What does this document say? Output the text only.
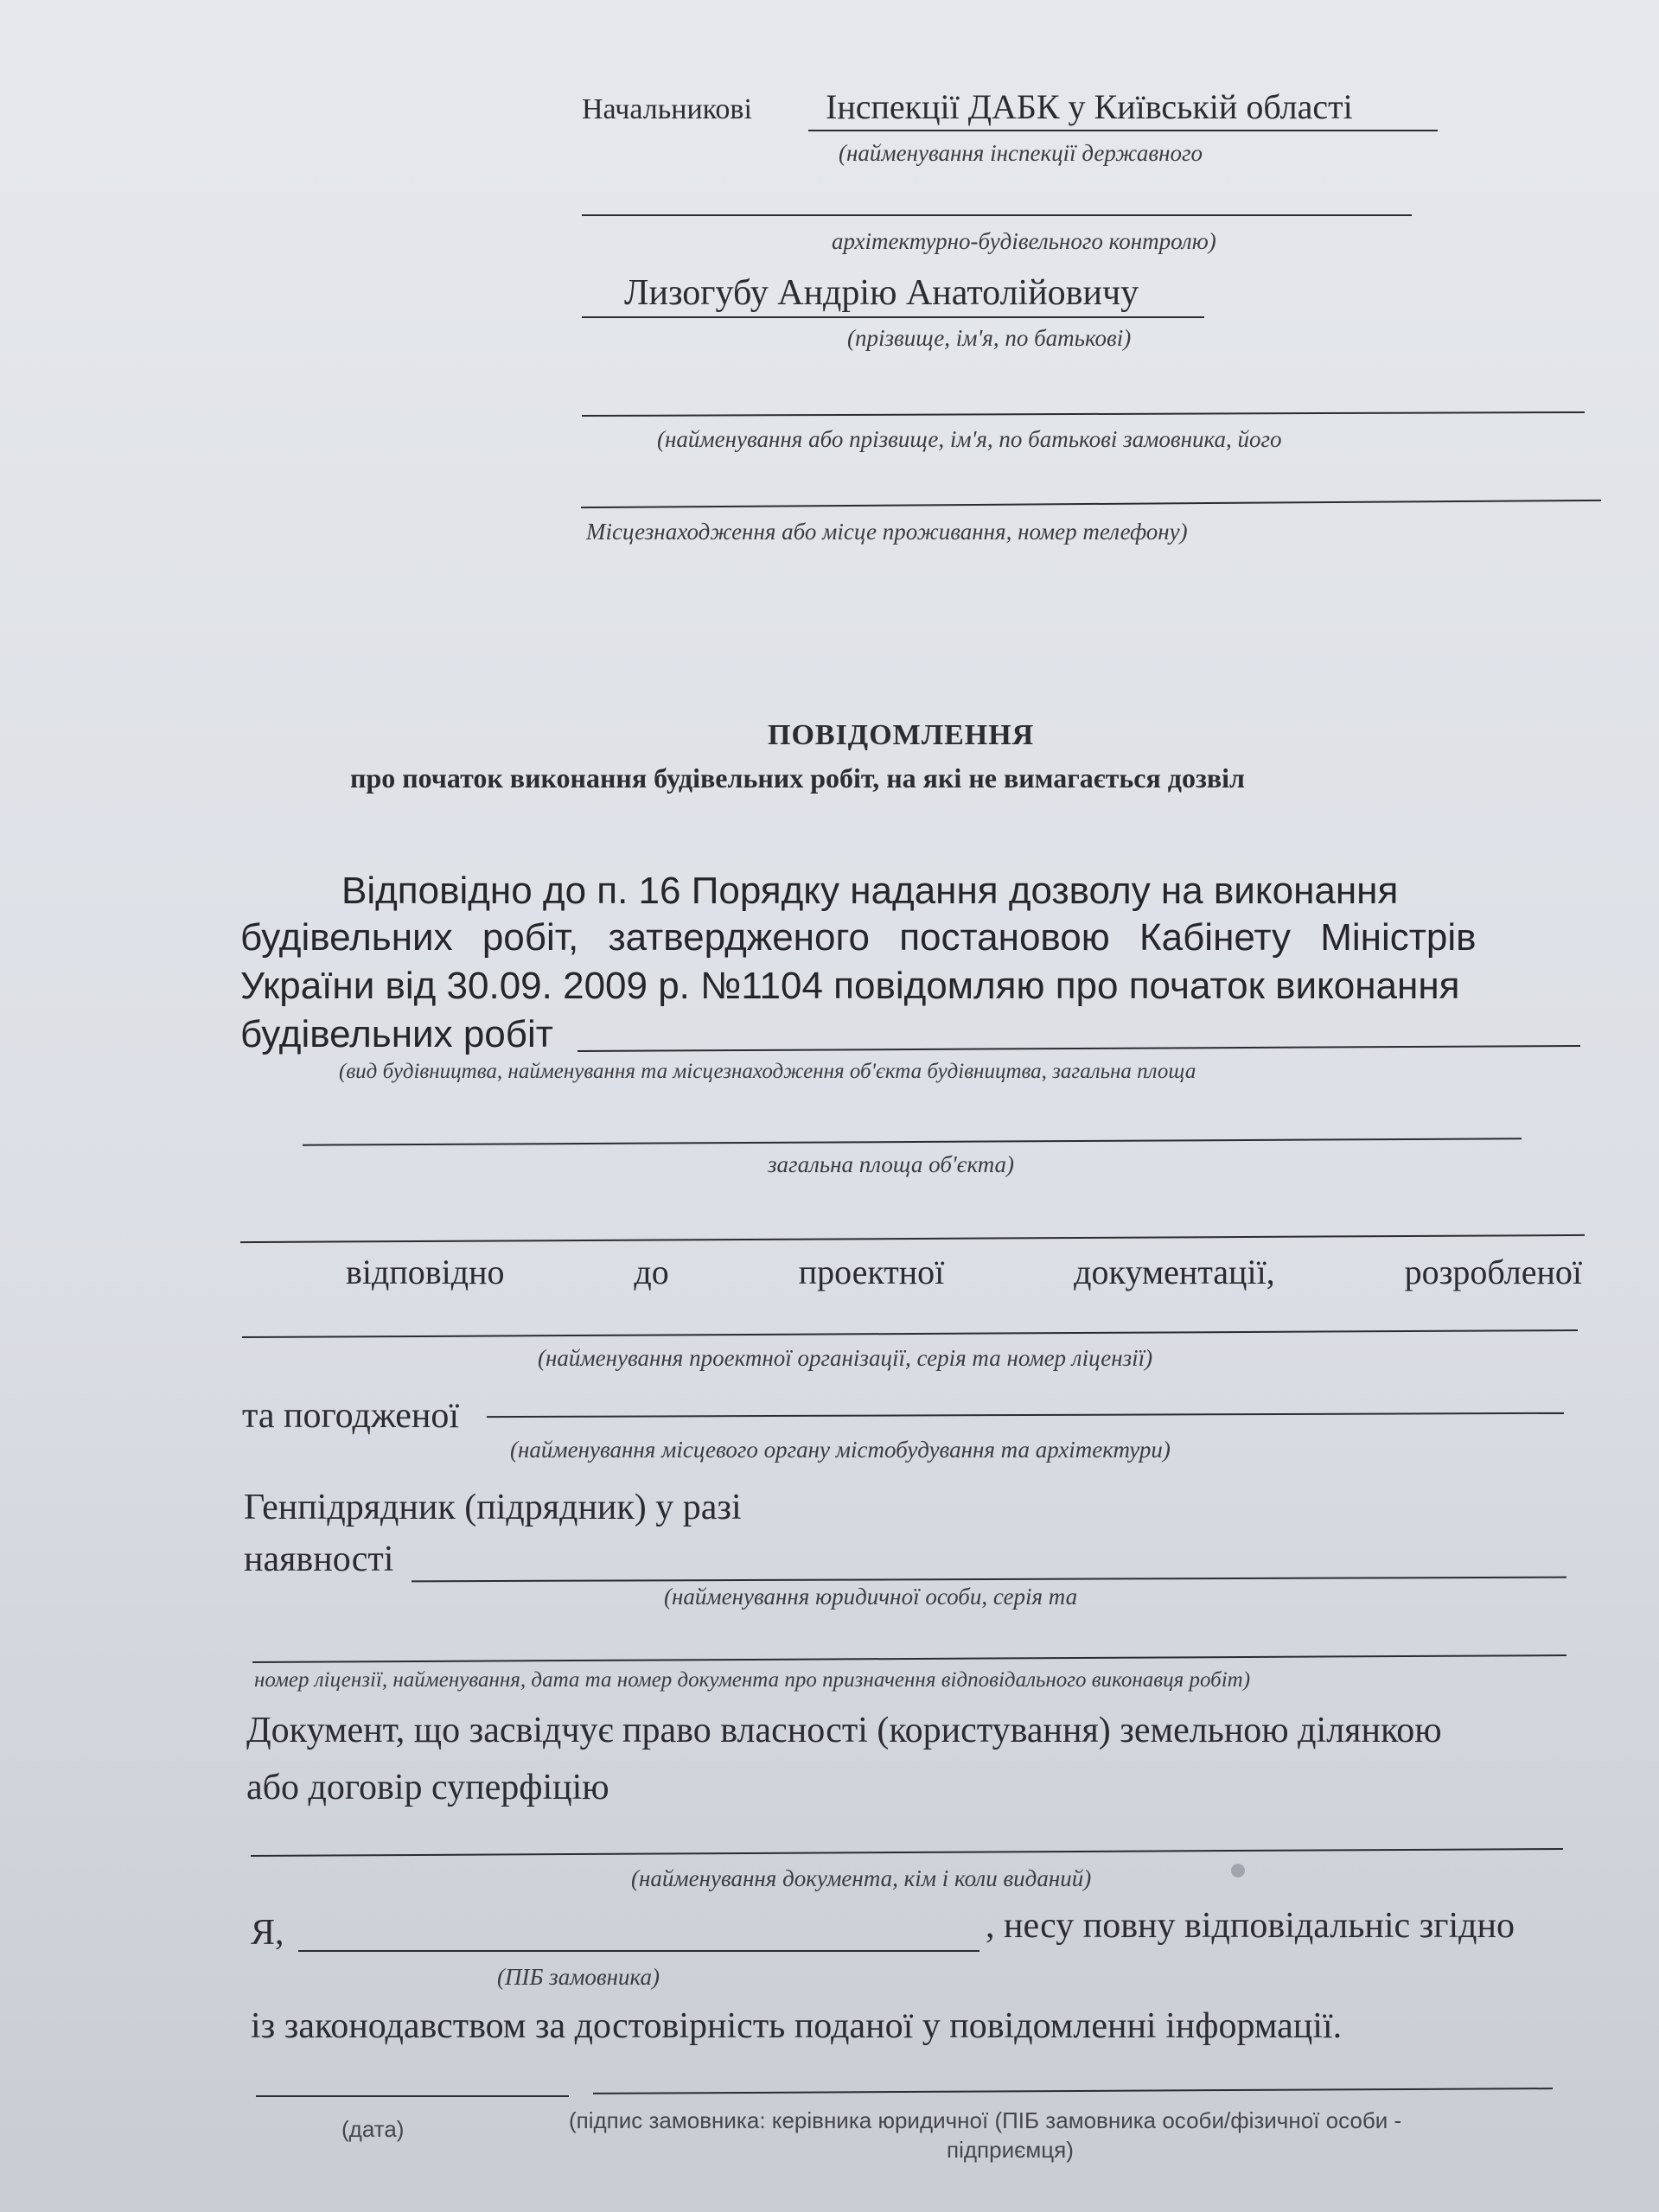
Начальникові Інспекції ДАБК у Київській області
(найменування інспекції державного
архітектурно-будівельного контролю)
Лизогубу Андрію Анатолійовичу
(прізвище, ім'я, по батькові)
(найменування або прізвище, ім'я, по батькові замовника, його
Місцезнаходження або місце проживання, номер телефону)
ПОВІДОМЛЕННЯ
про початок виконання будівельних робіт, на які не вимагається дозвіл
Відповідно до п. 16 Порядку надання дозволу на виконання
будівельних робіт, затвердженого постановою Кабінету Міністрів
України від 30.09. 2009 р. №1104 повідомляю про початок виконання
будівельних робіт
(вид будівництва, найменування та місцезнаходження об'єкта будівництва, загальна площа
загальна площа об'єкта)
відповідно	до	проектної	документації,	розробленої
(найменування проектної організації, серія та номер ліцензії)
та погодженої
(найменування місцевого органу містобудування та архітектури)
Генпідрядник (підрядник) у разі
наявності
(найменування юридичної особи, серія та
номер ліцензії, найменування, дата та номер документа про призначення відповідального виконавця робіт)
Документ, що засвідчує право власності (користування) земельною ділянкою
або договір суперфіцію
(найменування документа, кім і коли виданий)
Я,	, несу повну відповідальніс згідно
(ПІБ замовника)
із законодавством за достовірність поданої у повідомленні інформації.
(дата)	(підпис замовника: керівника юридичної (ПІБ замовника особи/фізичної особи -
підприємця)
